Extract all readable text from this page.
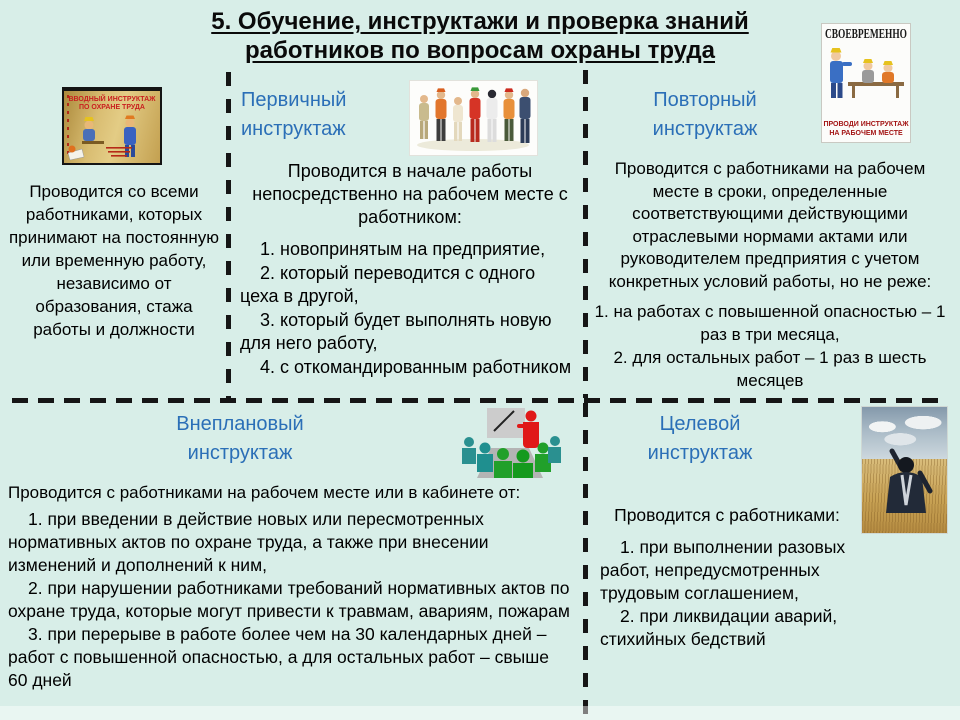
5. Обучение, инструктажи и проверка знаний
работников по вопросам охраны труда
ВВОДНЫЙ ИНСТРУКТАЖ
ПО ОХРАНЕ ТРУДА
Проводится со всеми работниками, которых принимают на постоянную или временную работу, независимо от образования, стажа работы и должности
Первичный
инструктаж
Проводится в начале работы непосредственно на рабочем месте с работником:

1. новопринятым на предприятие,

2. который переводится с одного цеха в другой,

3. который будет выполнять новую для него работу,

4. с откомандированным работником

Повторный
инструктаж
СВОЕВРЕМЕННО
ПРОВОДИ ИНСТРУКТАЖ
НА РАБОЧЕМ МЕСТЕ
Проводится с работниками на рабочем месте в сроки, определенные соответствующими действующими отраслевыми нормами актами или руководителем предприятия с учетом конкретных условий работы, но не реже:

1. на работах с повышенной опасностью – 1 раз в три месяца,

2. для остальных работ – 1 раз в шесть месяцев

Внеплановый
инструктаж
Проводится с работниками на рабочем месте или в кабинете от:

1. при введении в действие новых или пересмотренных нормативных актов по охране труда, а также при внесении изменений и дополнений к ним,

2. при нарушении работниками требований нормативных актов по охране труда, которые могут привести к травмам, авариям, пожарам

3. при перерыве в работе более чем на 30 календарных дней – работ с повышенной опасностью, а для остальных работ – свыше 60 дней

Целевой
инструктаж
Проводится с работниками:

1. при выполнении разовых работ, непредусмотренных трудовым соглашением,

2. при ликвидации аварий, стихийных бедствий
